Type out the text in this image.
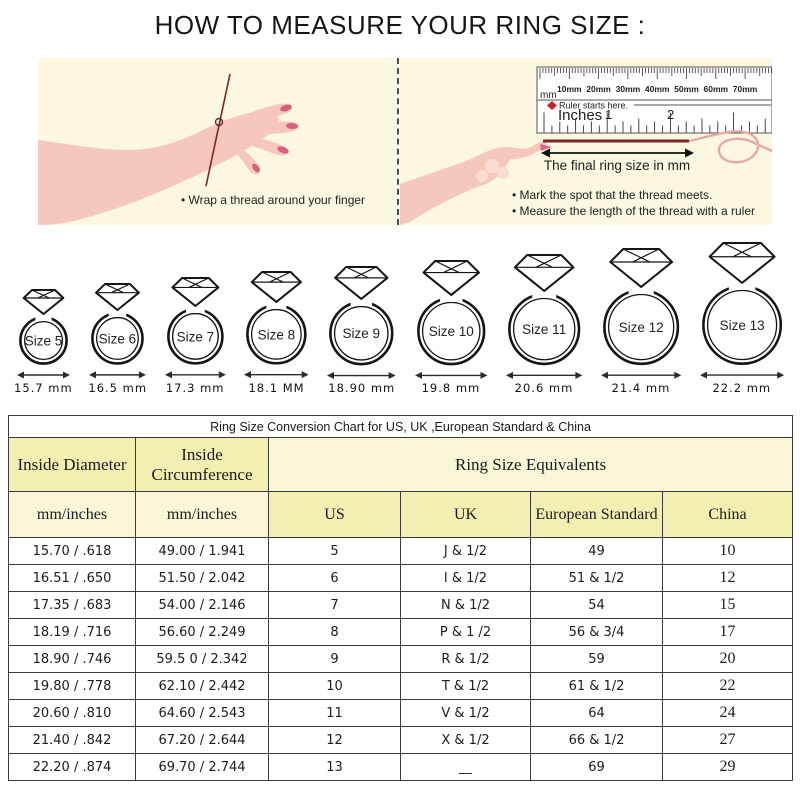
HOW TO MEASURE YOUR RING SIZE :
• Wrap a thread around your finger
10mm 20mm 30mm 40mm 50mm 60mm 70mm
mm
Ruler starts here.
Inches 1	2
The final ring size in mm
• Mark the spot that the thread meets.
• Measure the length of the thread with a ruler
Size 5
15.7 mm
Size 6
16.5 mm
Size 7
17.3 mm
Size 8
18.1 MM
Size 9
18.90 mm
Size 10
19.8 mm
Size 11
20.6 mm
Size 12
21.4 mm
Size 13
22.2 mm
Ring Size Conversion Chart for US, UK ,European Standard & China					
Inside Diameter	Inside Circumference	Ring Size Equivalents			
mm/inches	mm/inches	US	UK	European Standard	China
15.70 / .618	49.00 / 1.941	5	J & 1/2	49	10
16.51 / .650	51.50 / 2.042	6	I & 1/2	51 & 1/2	12
17.35 / .683	54.00 / 2.146	7	N & 1/2	54	15
18.19 / .716	56.60 / 2.249	8	P & 1 /2	56 & 3/4	17
18.90 / .746	59.5 0 / 2.342	9	R & 1/2	59	20
19.80 / .778	62.10 / 2.442	10	T & 1/2	61 & 1/2	22
20.60 / .810	64.60 / 2.543	11	V & 1/2	64	24
21.40 / .842	67.20 / 2.644	12	X & 1/2	66 & 1/2	27
22.20 / .874	69.70 / 2.744	13	__	69	29
